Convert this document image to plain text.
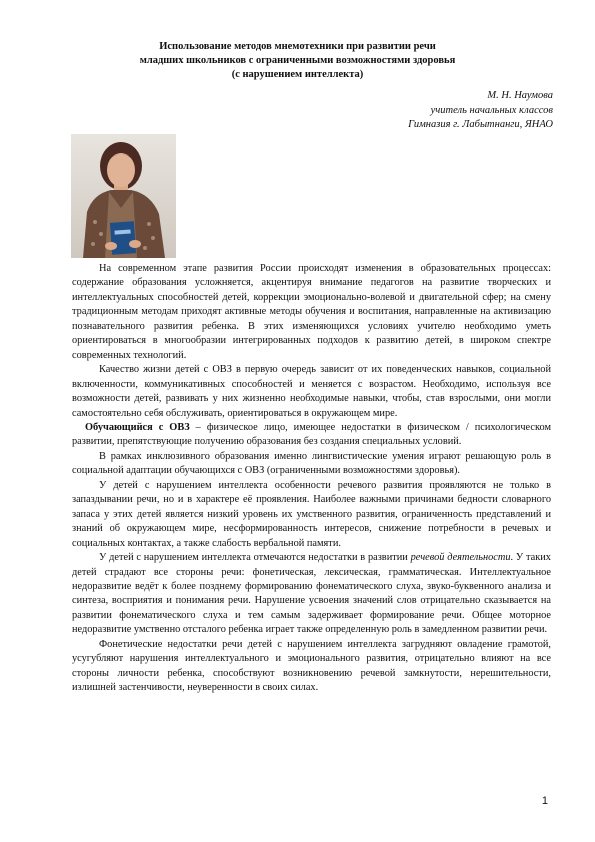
Использование методов мнемотехники при развитии речи
младших школьников с ограниченными возможностями здоровья
(с нарушением интеллекта)
М. Н. Наумова
учитель начальных классов
Гимназия г. Лабытнанги, ЯНАО

На современном этапе развития России происходят изменения в образовательных процессах: содержание образования усложняется, акцентируя внимание педагогов на развитие творческих и интеллектуальных способностей детей, коррекции эмоционально-волевой и двигательной сфер; на смену традиционным методам приходят активные методы обучения и воспитания, направленные на активизацию познавательного развития ребенка. В этих изменяющихся условиях учителю необходимо уметь ориентироваться в многообразии интегрированных подходов к развитию детей, в широком спектре современных технологий.

Качество жизни детей с ОВЗ в первую очередь зависит от их поведенческих навыков, социальной включенности, коммуникативных способностей и меняется с возрастом. Необходимо, используя все возможности детей, развивать у них жизненно необходимые навыки, чтобы, став взрослыми, они могли самостоятельно себя обслуживать, ориентироваться в окружающем мире.

Обучающийся с ОВЗ – физическое лицо, имеющее недостатки в физическом / психологическом развитии, препятствующие получению образования без создания специальных условий.

В рамках инклюзивного образования именно лингвистические умения играют решающую роль в социальной адаптации обучающихся с ОВЗ (ограниченными возможностями здоровья).

У детей с нарушением интеллекта особенности речевого развития проявляются не только в запаздывании речи, но и в характере её проявления. Наиболее важными причинами бедности словарного запаса у этих детей является низкий уровень их умственного развития, ограниченность представлений и знаний об окружающем мире, несформированность интересов, снижение потребности в речевых и социальных контактах, а также слабость вербальной памяти.

У детей с нарушением интеллекта отмечаются недостатки в развитии речевой деятельности. У таких детей страдают все стороны речи: фонетическая, лексическая, грамматическая. Интеллектуальное недоразвитие ведёт к более позднему формированию фонематического слуха, звуко-буквенного анализа и синтеза, восприятия и понимания речи. Нарушение усвоения значений слов отрицательно сказывается на развитии фонематического слуха и тем самым задерживает формирование речи. Общее моторное недоразвитие умственно отсталого ребенка играет также определенную роль в замедленном развитии речи.

Фонетические недостатки речи детей с нарушением интеллекта загрудняют овладение грамотой, усугубляют нарушения интеллектуального и эмоционального развития, отрицательно влияют на все стороны личности ребенка, способствуют возникновению речевой замкнутости, нерешительности, излишней застенчивости, неуверенности в своих силах.

1
